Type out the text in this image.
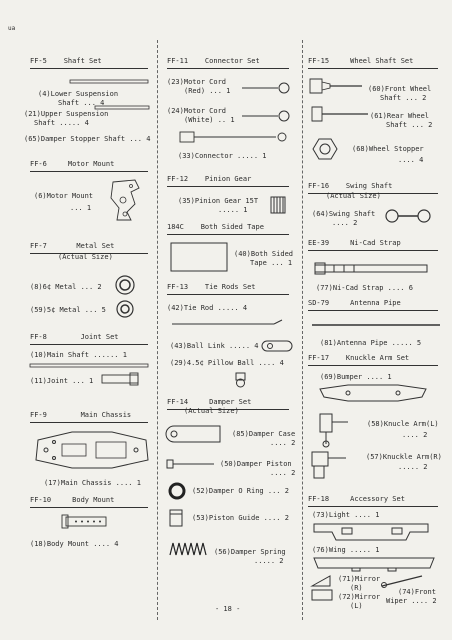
ua
FF-5    Shaft Set
(4)Lower Suspension
Shaft ... 4
(21)Upper Suspension
Shaft ..... 4
(65)Damper Stopper Shaft ... 4
FF-6     Motor Mount
(6)Motor Mount
... 1
FF-7       Metal Set
(Actual Size)
(8)6¢ Metal ... 2
(59)5¢ Metal ... 5
FF-8        Joint Set
(10)Main Shaft ...... 1
(11)Joint ... 1
FF-9        Main Chassis
(17)Main Chassis .... 1
FF-10     Body Mount
(18)Body Mount .... 4
FF-11    Connector Set
(23)Motor Cord
(Red) ... 1
(24)Motor Cord
(White) .. 1
(33)Connector ..... 1
FF-12    Pinion Gear
(35)Pinion Gear 15T
..... 1
184C    Both Sided Tape
(40)Both Sided
Tape ... 1
FF-13    Tie Rods Set
(42)Tie Rod ..... 4
(43)Ball Link ..... 4
(29)4.5¢ Pillow Ball .... 4
FF-14     Damper Set
(Actual Size)
(85)Damper Case
.... 2
(50)Damper Piston
.... 2
(52)Damper O Ring ... 2
(53)Piston Guide .... 2
(56)Damper Spring
..... 2
FF-15     Wheel Shaft Set
(60)Front Wheel
Shaft ... 2
(61)Rear Wheel
Shaft ... 2
(68)Wheel Stopper
.... 4
FF-16    Swing Shaft
(Actual Size)
(64)Swing Shaft
.... 2
EE-39     Ni-Cad Strap
(77)Ni-Cad Strap .... 6
SD-79     Antenna Pipe
(81)Antenna Pipe ..... 5
FF-17    Knuckle Arm Set
(69)Bumper .... 1
(58)Knucle Arm(L)
.... 2
(57)Knuckle Arm(R)
..... 2
FF-18     Accessory Set
(73)Light .... 1
(76)Wing ..... 1
(71)Mirror
(R)
(72)Mirror
(L)
(74)Front
Wiper .... 2
- 18 -
